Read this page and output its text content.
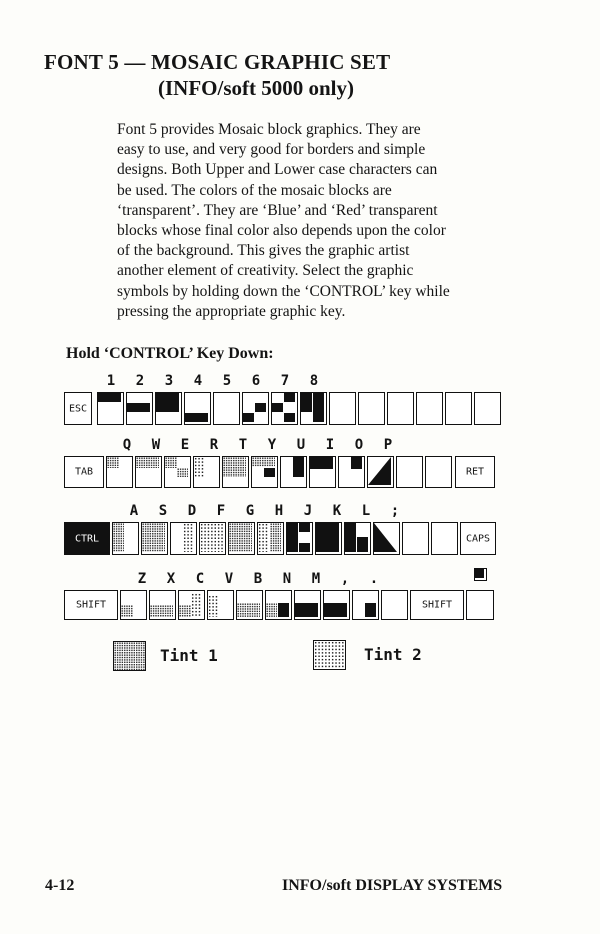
FONT 5 — MOSAIC GRAPHIC SET
(INFO/soft 5000 only)
Font 5 provides Mosaic block graphics. They are
easy to use, and very good for borders and simple
designs. Both Upper and Lower case characters can
be used. The colors of the mosaic blocks are
‘transparent’. They are ‘Blue’ and ‘Red’ transparent
blocks whose final color also depends upon the color
of the background. This gives the graphic artist
another element of creativity. Select the graphic
symbols by holding down the ‘CONTROL’ key while
pressing the appropriate graphic key.
Hold ‘CONTROL’ Key Down:
1 2 3 4 5 6 7 8
ESC
Q W E R T Y U I O P
TAB	RET
A S D F G H J K L ;
CTRL	CAPS
Z X C V B N M , .
SHIFT	SHIFT
Tint 1	Tint 2
4-12	INFO/soft DISPLAY SYSTEMS
